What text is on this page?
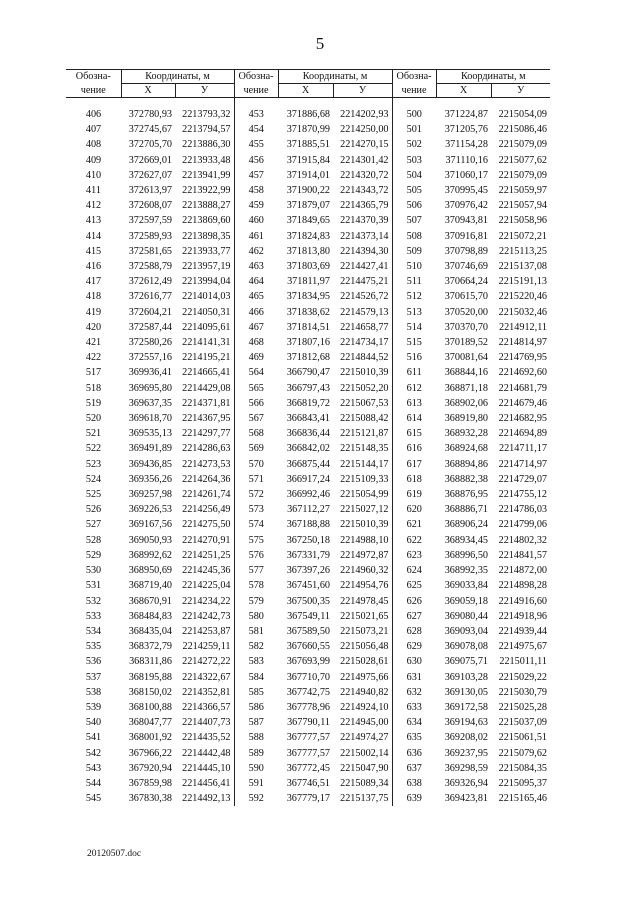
5
Обозна-	Координаты, м		Обозна-	Координаты, м		Обозна-	Координаты, м	
чение	X	У	чение	X	У	чение	X	У
406	372780,93	2213793,32	453	371886,68	2214202,93	500	371224,87	2215054,09
407	372745,67	2213794,57	454	371870,99	2214250,00	501	371205,76	2215086,46
408	372705,70	2213886,30	455	371885,51	2214270,15	502	371154,28	2215079,09
409	372669,01	2213933,48	456	371915,84	2214301,42	503	371110,16	2215077,62
410	372627,07	2213941,99	457	371914,01	2214320,72	504	371060,17	2215079,09
411	372613,97	2213922,99	458	371900,22	2214343,72	505	370995,45	2215059,97
412	372608,07	2213888,27	459	371879,07	2214365,79	506	370976,42	2215057,94
413	372597,59	2213869,60	460	371849,65	2214370,39	507	370943,81	2215058,96
414	372589,93	2213898,35	461	371824,83	2214373,14	508	370916,81	2215072,21
415	372581,65	2213933,77	462	371813,80	2214394,30	509	370798,89	2215113,25
416	372588,79	2213957,19	463	371803,69	2214427,41	510	370746,69	2215137,08
417	372612,49	2213994,04	464	371811,97	2214475,21	511	370664,24	2215191,13
418	372616,77	2214014,03	465	371834,95	2214526,72	512	370615,70	2215220,46
419	372604,21	2214050,31	466	371838,62	2214579,13	513	370520,00	2215032,46
420	372587,44	2214095,61	467	371814,51	2214658,77	514	370370,70	2214912,11
421	372580,26	2214141,31	468	371807,16	2214734,17	515	370189,52	2214814,97
422	372557,16	2214195,21	469	371812,68	2214844,52	516	370081,64	2214769,95
517	369936,41	2214665,41	564	366790,47	2215010,39	611	368844,16	2214692,60
518	369695,80	2214429,08	565	366797,43	2215052,20	612	368871,18	2214681,79
519	369637,35	2214371,81	566	366819,72	2215067,53	613	368902,06	2214679,46
520	369618,70	2214367,95	567	366843,41	2215088,42	614	368919,80	2214682,95
521	369535,13	2214297,77	568	366836,44	2215121,87	615	368932,28	2214694,89
522	369491,89	2214286,63	569	366842,02	2215148,35	616	368924,68	2214711,17
523	369436,85	2214273,53	570	366875,44	2215144,17	617	368894,86	2214714,97
524	369356,26	2214264,36	571	366917,24	2215109,33	618	368882,38	2214729,07
525	369257,98	2214261,74	572	366992,46	2215054,99	619	368876,95	2214755,12
526	369226,53	2214256,49	573	367112,27	2215027,12	620	368886,71	2214786,03
527	369167,56	2214275,50	574	367188,88	2215010,39	621	368906,24	2214799,06
528	369050,93	2214270,91	575	367250,18	2214988,10	622	368934,45	2214802,32
529	368992,62	2214251,25	576	367331,79	2214972,87	623	368996,50	2214841,57
530	368950,69	2214245,36	577	367397,26	2214960,32	624	368992,35	2214872,00
531	368719,40	2214225,04	578	367451,60	2214954,76	625	369033,84	2214898,28
532	368670,91	2214234,22	579	367500,35	2214978,45	626	369059,18	2214916,60
533	368484,83	2214242,73	580	367549,11	2215021,65	627	369080,44	2214918,96
534	368435,04	2214253,87	581	367589,50	2215073,21	628	369093,04	2214939,44
535	368372,79	2214259,11	582	367660,55	2215056,48	629	369078,08	2214975,67
536	368311,86	2214272,22	583	367693,99	2215028,61	630	369075,71	2215011,11
537	368195,88	2214322,67	584	367710,70	2214975,66	631	369103,28	2215029,22
538	368150,02	2214352,81	585	367742,75	2214940,82	632	369130,05	2215030,79
539	368100,88	2214366,57	586	367778,96	2214924,10	633	369172,58	2215025,28
540	368047,77	2214407,73	587	367790,11	2214945,00	634	369194,63	2215037,09
541	368001,92	2214435,52	588	367777,57	2214974,27	635	369208,02	2215061,51
542	367966,22	2214442,48	589	367777,57	2215002,14	636	369237,95	2215079,62
543	367920,94	2214445,10	590	367772,45	2215047,90	637	369298,59	2215084,35
544	367859,98	2214456,41	591	367746,51	2215089,34	638	369326,94	2215095,37
545	367830,38	2214492,13	592	367779,17	2215137,75	639	369423,81	2215165,46
20120507.doc
